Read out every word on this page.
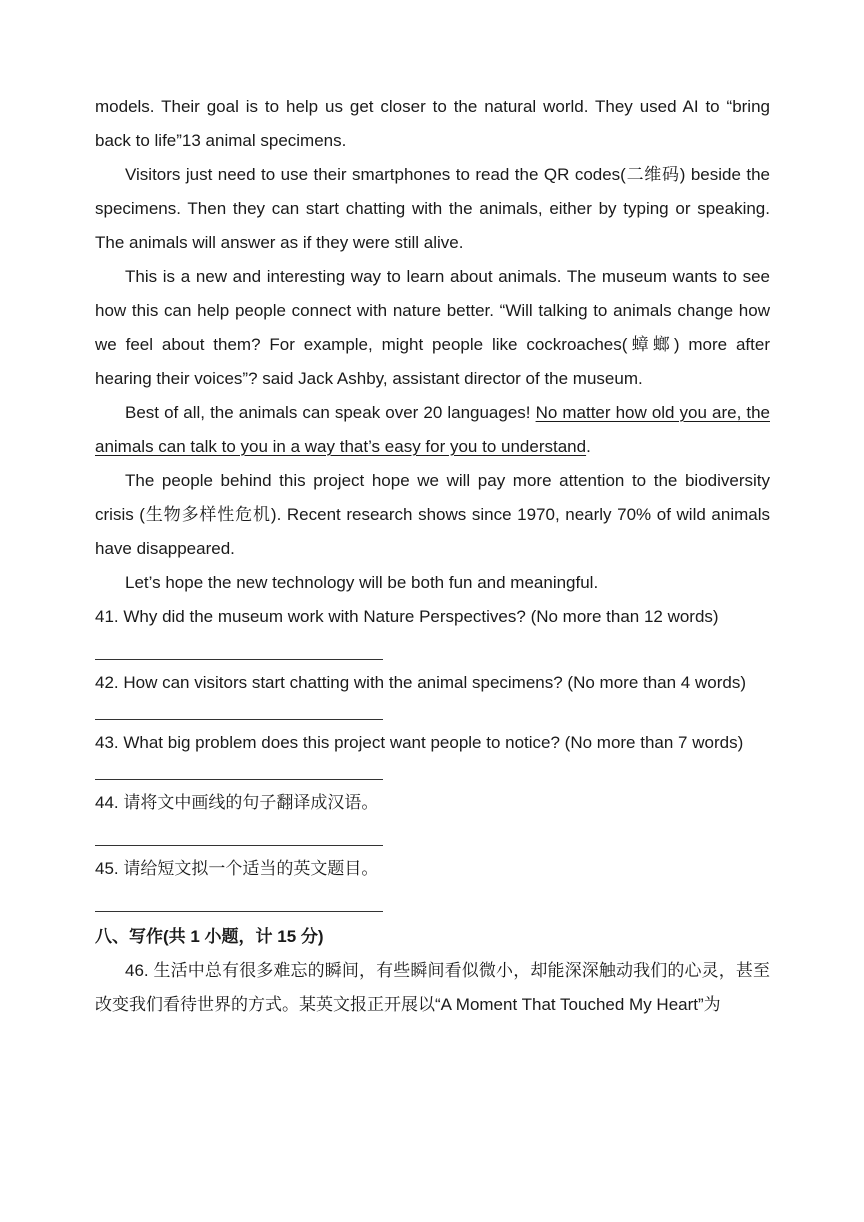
models. Their goal is to help us get closer to the natural world. They used AI to “bring back to life”13 animal specimens.

Visitors just need to use their smartphones to read the QR codes(二维码) beside the specimens. Then they can start chatting with the animals, either by typing or speaking. The animals will answer as if they were still alive.

This is a new and interesting way to learn about animals. The museum wants to see how this can help people connect with nature better. “Will talking to animals change how we feel about them? For example, might people like cockroaches(蟑螂) more after hearing their voices”? said Jack Ashby, assistant director of the museum.

Best of all, the animals can speak over 20 languages! No matter how old you are, the animals can talk to you in a way that’s easy for you to understand.

The people behind this project hope we will pay more attention to the biodiversity crisis (生物多样性危机). Recent research shows since 1970, nearly 70% of wild animals have disappeared.

Let’s hope the new technology will be both fun and meaningful.

41. Why did the museum work with Nature Perspectives? (No more than 12 words)

42. How can visitors start chatting with the animal specimens? (No more than 4 words)

43. What big problem does this project want people to notice? (No more than 7 words)

44. 请将文中画线的句子翻译成汉语。

45. 请给短文拟一个适当的英文题目。

八、写作(共 1 小题，计 15 分)

46. 生活中总有很多难忘的瞬间，有些瞬间看似微小，却能深深触动我们的心灵，甚至改变我们看待世界的方式。某英文报正开展以“A Moment That Touched My Heart”为
